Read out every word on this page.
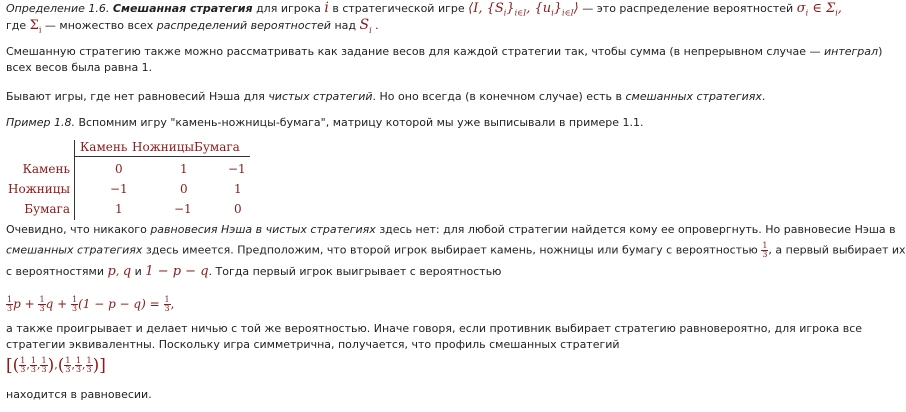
Определение 1.6. Смешанная стратегия для игрока i в стратегической игре ⟨I, $\{S_i\}_{i\in I}$, $\{u_i\}_{i\in I}⟩$ — это распределение вероятностей $\sigma_i$ ∈ $\Sigma_i$,
где $\Sigma_i$ — множество всех распределений вероятностей над $S_i$ .
Смешанную стратегию также можно рассматривать как задание весов для каждой стратегии так, чтобы сумма (в непрерывном случае — интеграл)
всех весов была равна 1.
Бывают игры, где нет равновесий Нэша для чистых стратегий. Но оно всегда (в конечном случае) есть в смешанных стратегиях.
Пример 1.8. Вспомним игру "камень-ножницы-бумага", матрицу которой мы уже выписывали в примере 1.1.
Камень Ножницы Бумага
Камень	0	1	−1
Ножницы	−1	0	1
Бумага	1	−1	0
Очевидно, что никакого равновесия Нэша в чистых стратегиях здесь нет: для любой стратегии найдется кому ее опровергнуть. Но равновесие Нэша в
смешанных стратегиях здесь имеется. Предположим, что второй игрок выбирает камень, ножницы или бумагу с вероятностью $\frac{1}{3}$ , а первый выбирает их
с вероятностями p, q и 1 − p − q. Тогда первый игрок выигрывает с вероятностью
$\frac{1}{3}$ $p + \frac{1}{3}$ $q + \frac{1}{3} (1 - p - q) = \frac{1}{3}$ ,
а также проигрывает и делает ничью с той же вероятностью. Иначе говоря, если противник выбирает стратегию равновероятно, для игрока все
стратегии эквивалентны. Поскольку игра симметрична, получается, что профиль смешанных стратегий
[( $\frac{1}{3}$ , $\frac{1}{3}$ , $\frac{1}{3}$ ),( $\frac{1}{3}$ , $\frac{1}{3}$ , $\frac{1}{3}$ )]
находится в равновесии.
